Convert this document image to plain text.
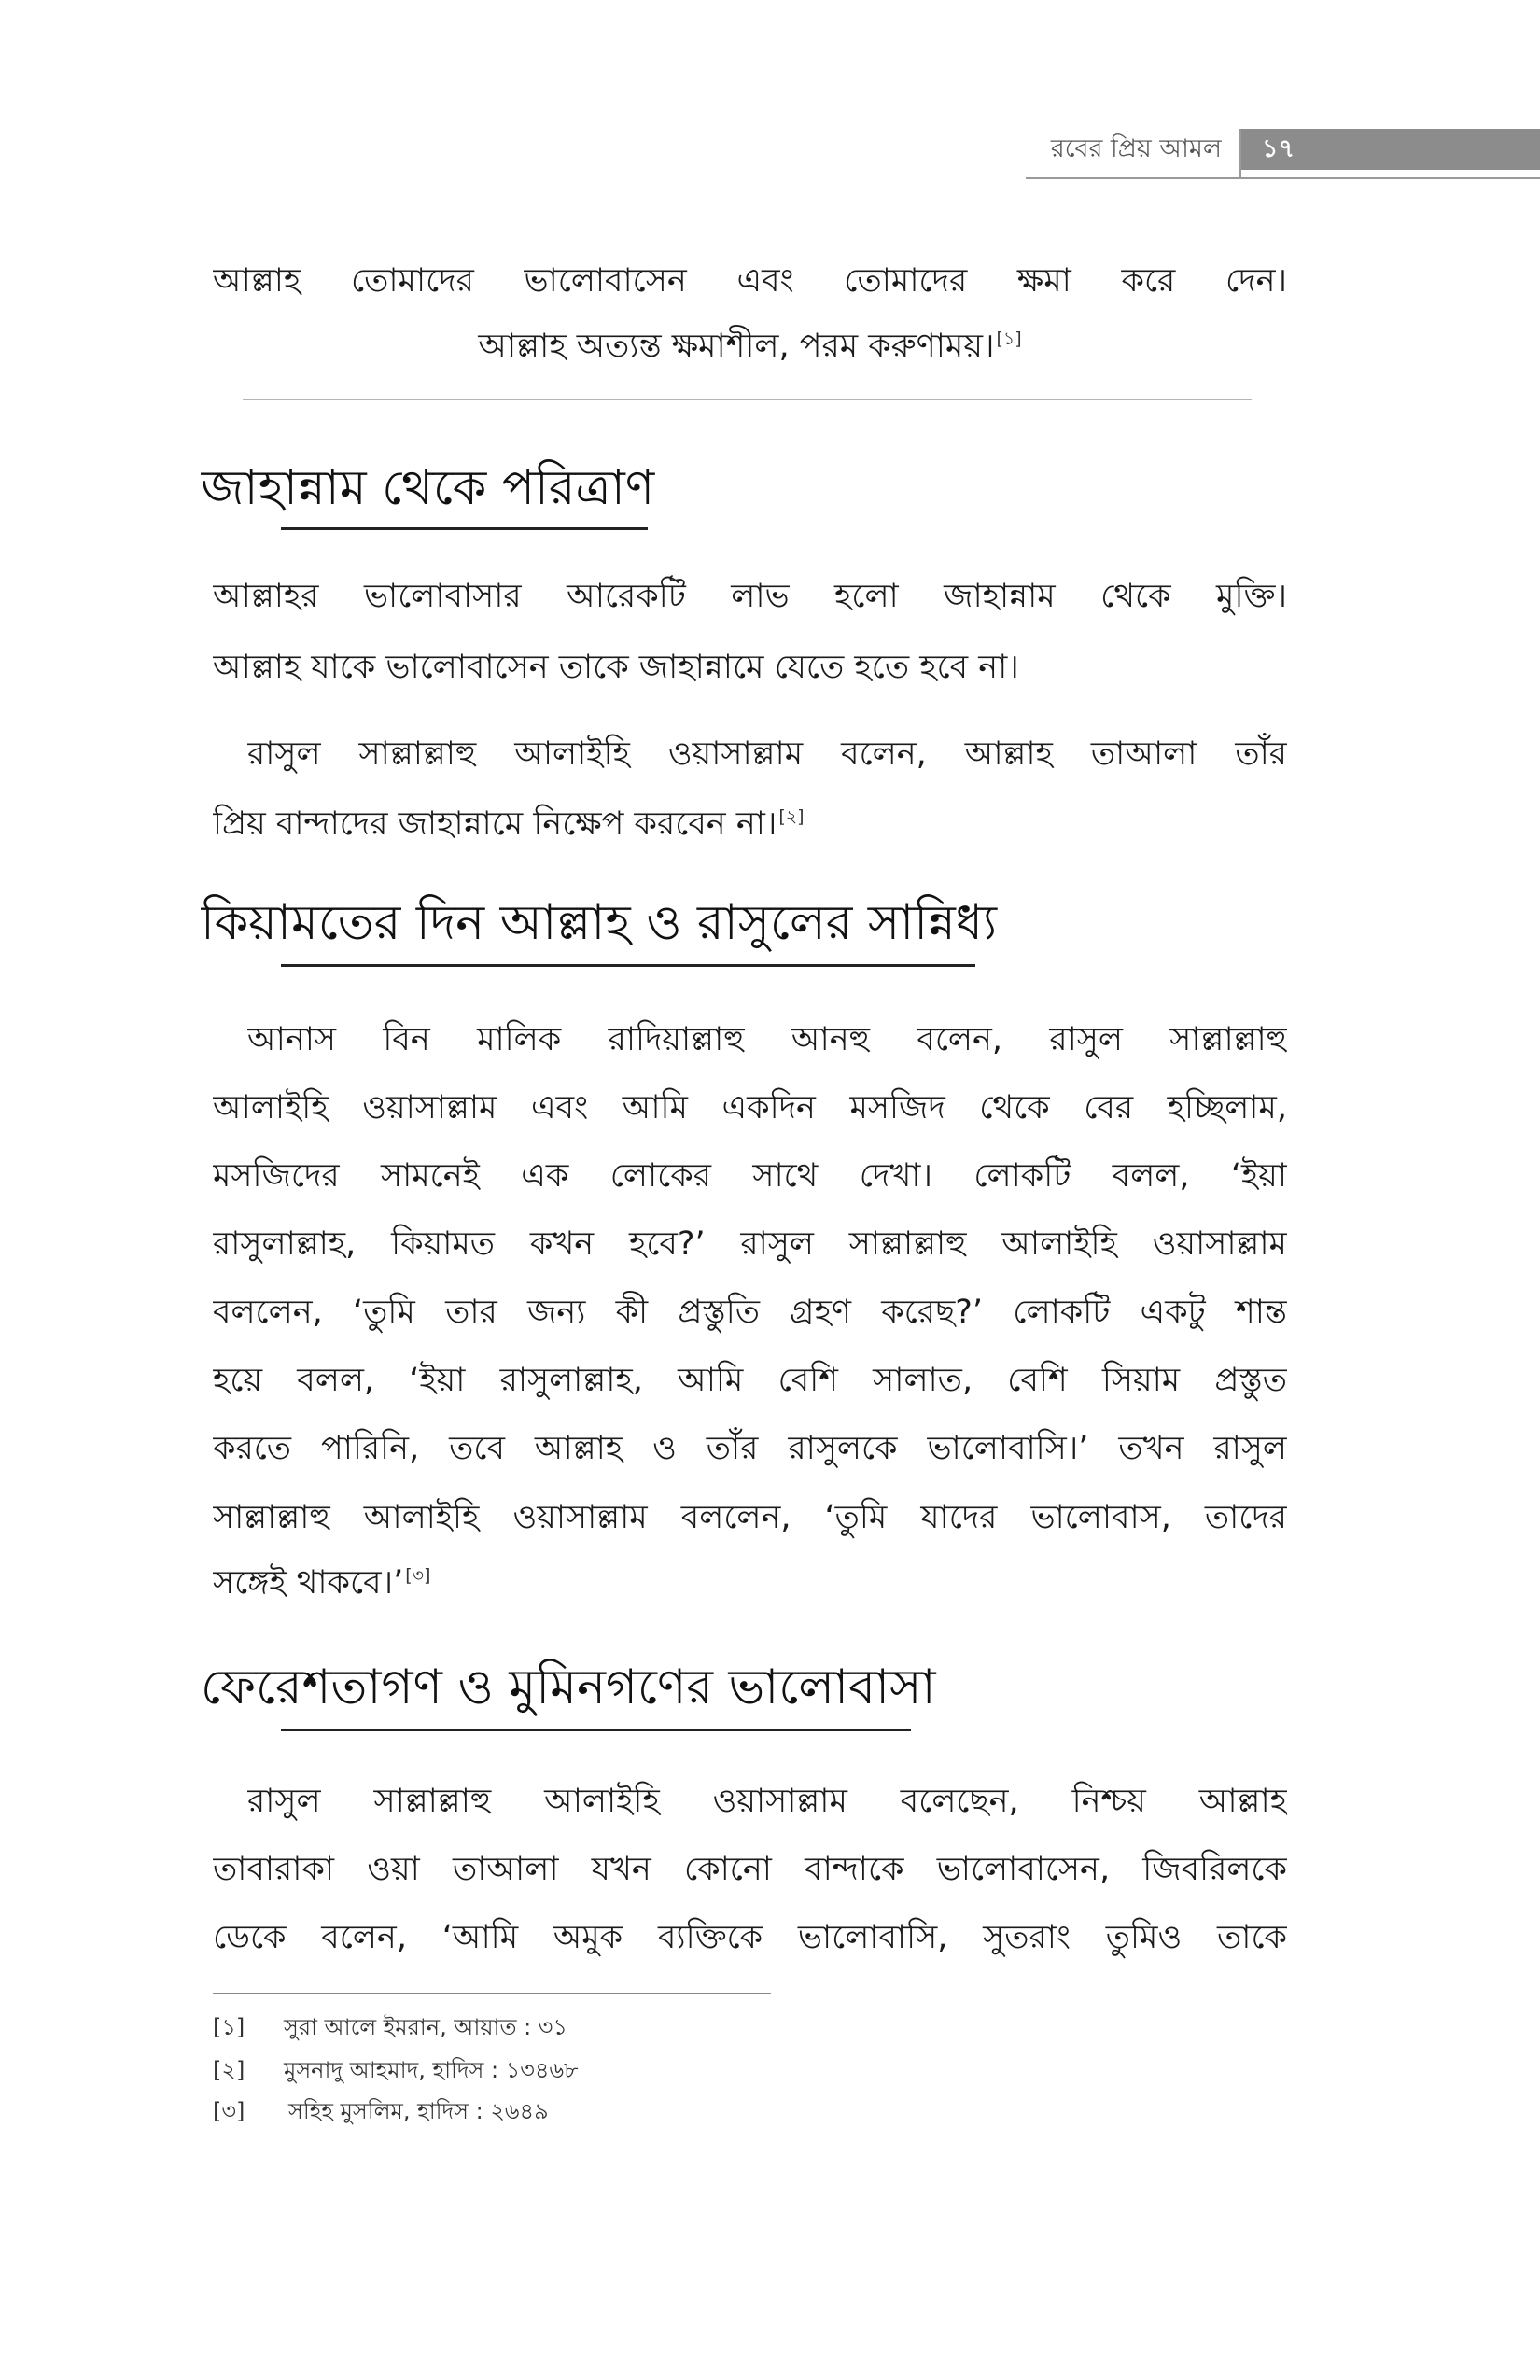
রবের প্রিয় আমল ১৭
আল্লাহ তোমাদের ভালোবাসেন এবং তোমাদের ক্ষমা করে দেন।
আল্লাহ অত্যন্ত ক্ষমাশীল, পরম করুণাময়। [১]
জাহান্নাম থেকে পরিত্রাণ
আল্লাহর ভালোবাসার আরেকটি লাভ হলো জাহান্নাম থেকে মুক্তি।
আল্লাহ যাকে ভালোবাসেন তাকে জাহান্নামে যেতে হতে হবে না।
রাসুল সাল্লাল্লাহু আলাইহি ওয়াসাল্লাম বলেন, আল্লাহ তাআলা তাঁর
প্রিয় বান্দাদের জাহান্নামে নিক্ষেপ করবেন না। [২]
কিয়ামতের দিন আল্লাহ ও রাসুলের সান্নিধ্য
আনাস বিন মালিক রাদিয়াল্লাহু আনহু বলেন, রাসুল সাল্লাল্লাহু
আলাইহি ওয়াসাল্লাম এবং আমি একদিন মসজিদ থেকে বের হচ্ছিলাম,
মসজিদের সামনেই এক লোকের সাথে দেখা। লোকটি বলল, ‘ইয়া
রাসুলাল্লাহ, কিয়ামত কখন হবে?’ রাসুল সাল্লাল্লাহু আলাইহি ওয়াসাল্লাম
বললেন, ‘তুমি তার জন্য কী প্রস্তুতি গ্রহণ করেছ?’ লোকটি একটু শান্ত
হয়ে বলল, ‘ইয়া রাসুলাল্লাহ, আমি বেশি সালাত, বেশি সিয়াম প্রস্তুত
করতে পারিনি, তবে আল্লাহ ও তাঁর রাসুলকে ভালোবাসি।’ তখন রাসুল
সাল্লাল্লাহু আলাইহি ওয়াসাল্লাম বললেন, ‘তুমি যাদের ভালোবাস, তাদের
সঙ্গেই থাকবে।’ [৩]
ফেরেশতাগণ ও মুমিনগণের ভালোবাসা
রাসুল সাল্লাল্লাহু আলাইহি ওয়াসাল্লাম বলেছেন, নিশ্চয় আল্লাহ
তাবারাকা ওয়া তাআলা যখন কোনো বান্দাকে ভালোবাসেন, জিবরিলকে
ডেকে বলেন, ‘আমি অমুক ব্যক্তিকে ভালোবাসি, সুতরাং তুমিও তাকে
[১] সুরা আলে ইমরান, আয়াত : ৩১
[২] মুসনাদু আহমাদ, হাদিস : ১৩৪৬৮
[৩] সহিহ মুসলিম, হাদিস : ২৬৪৯
